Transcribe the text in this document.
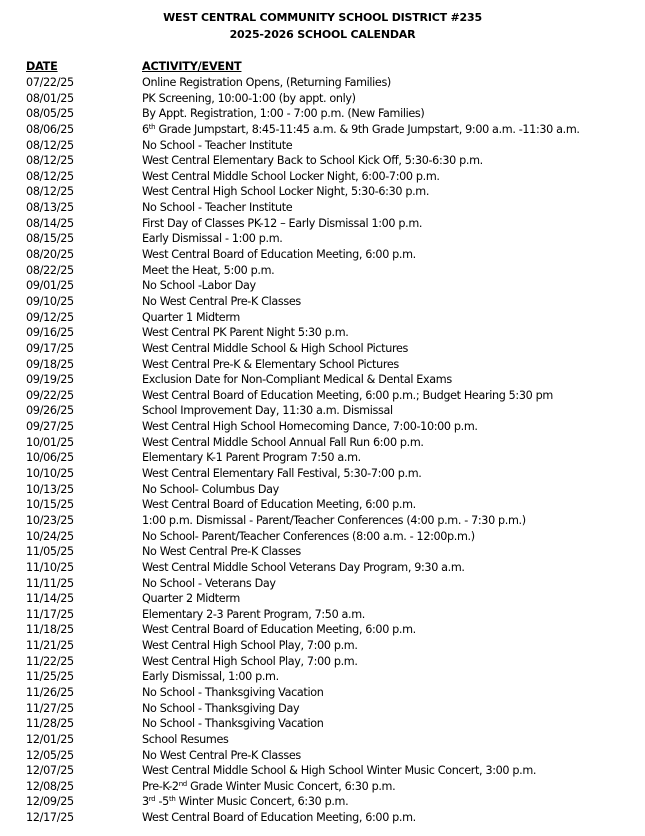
WEST CENTRAL COMMUNITY SCHOOL DISTRICT #235
2025-2026 SCHOOL CALENDAR
DATE	ACTIVITY/EVENT
07/22/25	Online Registration Opens, (Returning Families)
08/01/25	PK Screening, 10:00-1:00 (by appt. only)
08/05/25	By Appt. Registration, 1:00 - 7:00 p.m. (New Families)
08/06/25	6th Grade Jumpstart, 8:45-11:45 a.m. & 9th Grade Jumpstart, 9:00 a.m. -11:30 a.m.
08/12/25	No School - Teacher Institute
08/12/25	West Central Elementary Back to School Kick Off, 5:30-6:30 p.m.
08/12/25	West Central Middle School Locker Night, 6:00-7:00 p.m.
08/12/25	West Central High School Locker Night, 5:30-6:30 p.m.
08/13/25	No School - Teacher Institute
08/14/25	First Day of Classes PK-12 – Early Dismissal 1:00 p.m.
08/15/25	Early Dismissal - 1:00 p.m.
08/20/25	West Central Board of Education Meeting, 6:00 p.m.
08/22/25	Meet the Heat, 5:00 p.m.
09/01/25	No School -Labor Day
09/10/25	No West Central Pre-K Classes
09/12/25	Quarter 1 Midterm
09/16/25	West Central PK Parent Night 5:30 p.m.
09/17/25	West Central Middle School & High School Pictures
09/18/25	West Central Pre-K & Elementary School Pictures
09/19/25	Exclusion Date for Non-Compliant Medical & Dental Exams
09/22/25	West Central Board of Education Meeting, 6:00 p.m.; Budget Hearing 5:30 pm
09/26/25	School Improvement Day, 11:30 a.m. Dismissal
09/27/25	West Central High School Homecoming Dance, 7:00-10:00 p.m.
10/01/25	West Central Middle School Annual Fall Run 6:00 p.m.
10/06/25	Elementary K-1 Parent Program 7:50 a.m.
10/10/25	West Central Elementary Fall Festival, 5:30-7:00 p.m.
10/13/25	No School- Columbus Day
10/15/25	West Central Board of Education Meeting, 6:00 p.m.
10/23/25	1:00 p.m. Dismissal - Parent/Teacher Conferences (4:00 p.m. - 7:30 p.m.)
10/24/25	No School- Parent/Teacher Conferences (8:00 a.m. - 12:00p.m.)
11/05/25	No West Central Pre-K Classes
11/10/25	West Central Middle School Veterans Day Program, 9:30 a.m.
11/11/25	No School - Veterans Day
11/14/25	Quarter 2 Midterm
11/17/25	Elementary 2-3 Parent Program, 7:50 a.m.
11/18/25	West Central Board of Education Meeting, 6:00 p.m.
11/21/25	West Central High School Play, 7:00 p.m.
11/22/25	West Central High School Play, 7:00 p.m.
11/25/25	Early Dismissal, 1:00 p.m.
11/26/25	No School - Thanksgiving Vacation
11/27/25	No School - Thanksgiving Day
11/28/25	No School - Thanksgiving Vacation
12/01/25	School Resumes
12/05/25	No West Central Pre-K Classes
12/07/25	West Central Middle School & High School Winter Music Concert, 3:00 p.m.
12/08/25	Pre-K-2nd Grade Winter Music Concert, 6:30 p.m.
12/09/25	3rd -5th Winter Music Concert, 6:30 p.m.
12/17/25	West Central Board of Education Meeting, 6:00 p.m.
